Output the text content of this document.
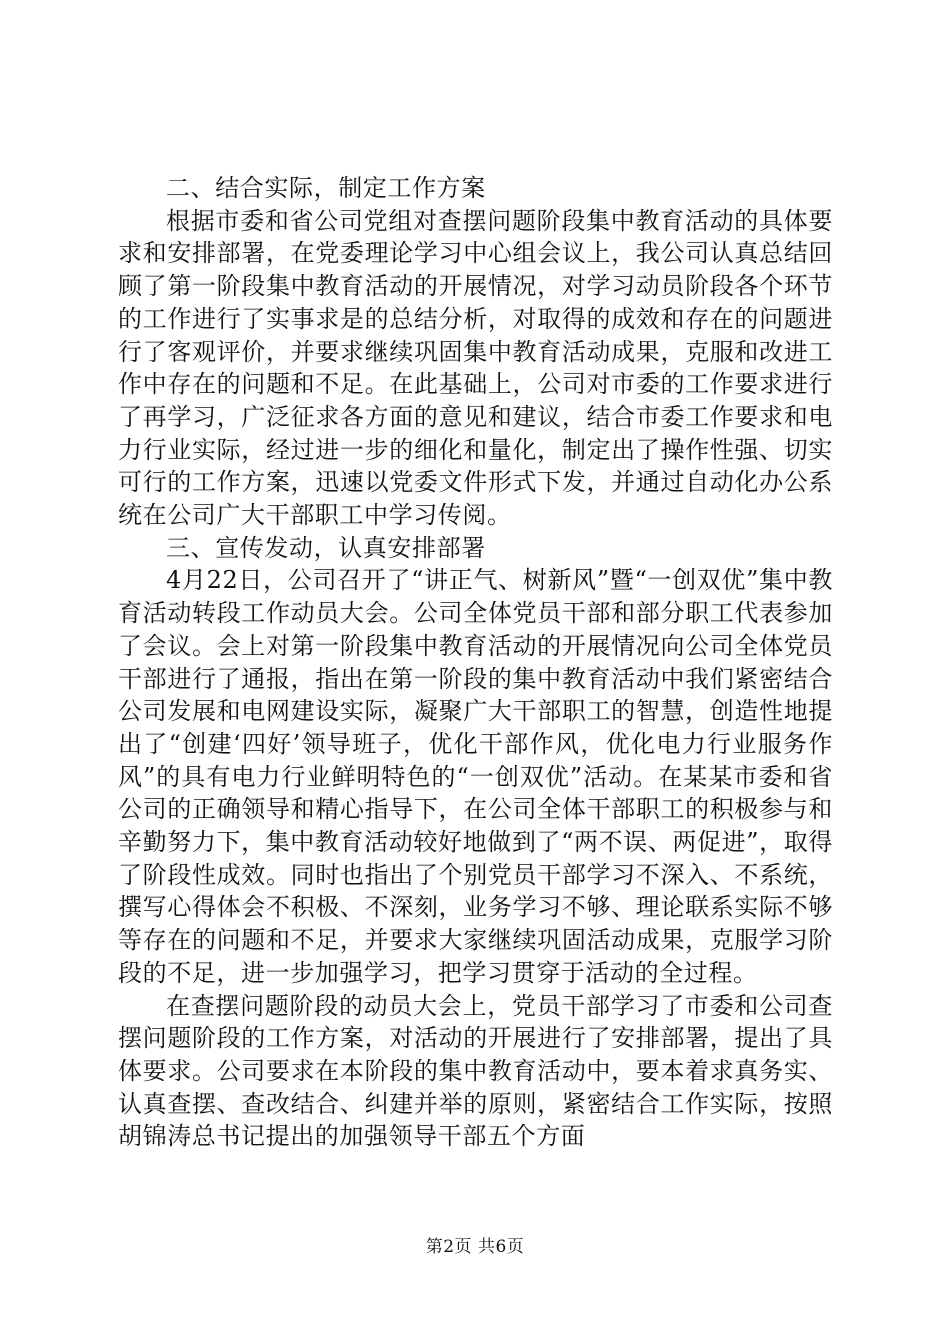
二、结合实际，制定工作方案

根据市委和省公司党组对查摆问题阶段集中教育活动的具体要求和安排部署，在党委理论学习中心组会议上，我公司认真总结回顾了第一阶段集中教育活动的开展情况，对学习动员阶段各个环节的工作进行了实事求是的总结分析，对取得的成效和存在的问题进行了客观评价，并要求继续巩固集中教育活动成果，克服和改进工作中存在的问题和不足。在此基础上，公司对市委的工作要求进行了再学习，广泛征求各方面的意见和建议，结合市委工作要求和电力行业实际，经过进一步的细化和量化，制定出了操作性强、切实可行的工作方案，迅速以党委文件形式下发，并通过自动化办公系统在公司广大干部职工中学习传阅。

三、宣传发动，认真安排部署

4月22日，公司召开了“讲正气、树新风”暨“一创双优”集中教育活动转段工作动员大会。公司全体党员干部和部分职工代表参加了会议。会上对第一阶段集中教育活动的开展情况向公司全体党员干部进行了通报，指出在第一阶段的集中教育活动中我们紧密结合公司发展和电网建设实际，凝聚广大干部职工的智慧，创造性地提出了“创建‘四好’领导班子，优化干部作风，优化电力行业服务作风”的具有电力行业鲜明特色的“一创双优”活动。在某某市委和省公司的正确领导和精心指导下，在公司全体干部职工的积极参与和辛勤努力下，集中教育活动较好地做到了“两不误、两促进”，取得了阶段性成效。同时也指出了个别党员干部学习不深入、不系统，撰写心得体会不积极、不深刻，业务学习不够、理论联系实际不够等存在的问题和不足，并要求大家继续巩固活动成果，克服学习阶段的不足，进一步加强学习，把学习贯穿于活动的全过程。

在查摆问题阶段的动员大会上，党员干部学习了市委和公司查摆问题阶段的工作方案，对活动的开展进行了安排部署，提出了具体要求。公司要求在本阶段的集中教育活动中，要本着求真务实、认真查摆、查改结合、纠建并举的原则，紧密结合工作实际，按照胡锦涛总书记提出的加强领导干部五个方面

第2页 共6页
